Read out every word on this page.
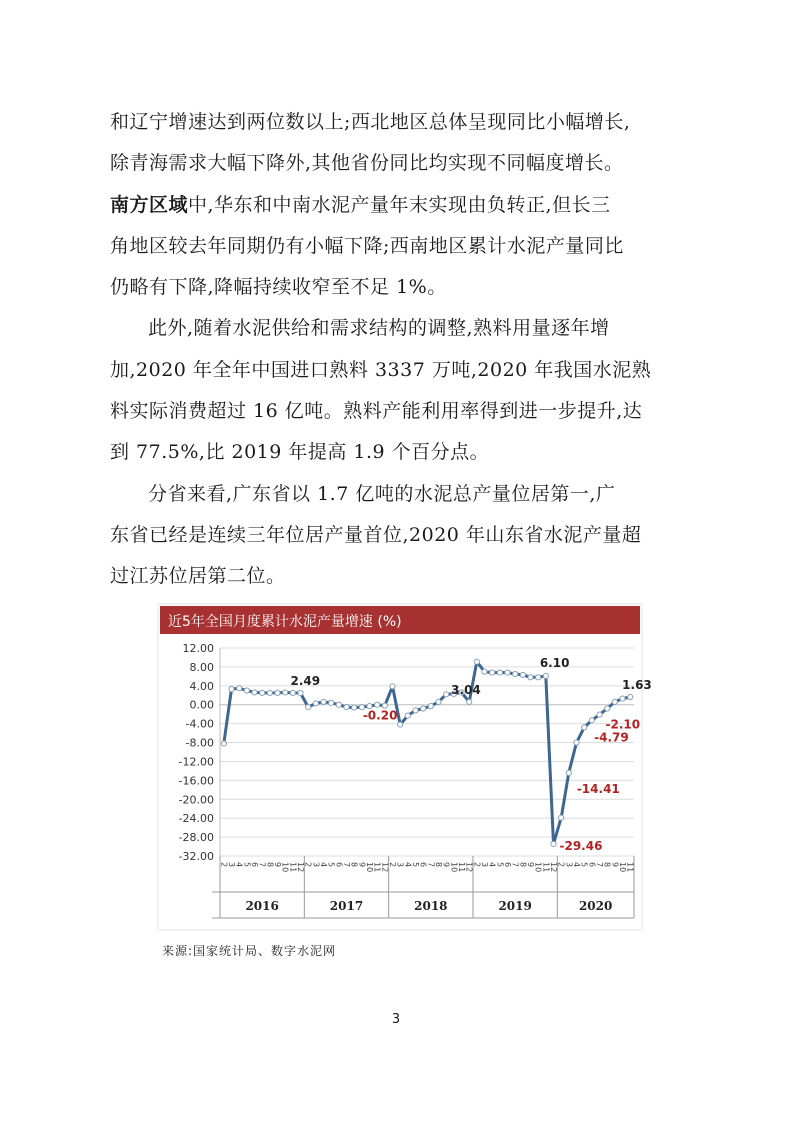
和辽宁增速达到两位数以上;西北地区总体呈现同比小幅增长,
除青海需求大幅下降外,其他省份同比均实现不同幅度增长。
南方区域中,华东和中南水泥产量年末实现由负转正,但长三
角地区较去年同期仍有小幅下降;西南地区累计水泥产量同比
仍略有下降,降幅持续收窄至不足 1%。
此外,随着水泥供给和需求结构的调整,熟料用量逐年增
加,2020 年全年中国进口熟料 3337 万吨,2020 年我国水泥熟
料实际消费超过 16 亿吨。熟料产能利用率得到进一步提升,达
到 77.5%,比 2019 年提高 1.9 个百分点。
分省来看,广东省以 1.7 亿吨的水泥总产量位居第一,广
东省已经是连续三年位居产量首位,2020 年山东省水泥产量超
过江苏位居第二位。
近5年全国月度累计水泥产量增速 (%)
12.00
8.00
4.00
0.00
-4.00
-8.00
-12.00
-16.00
-20.00
-24.00
-28.00
-32.00
2
3
4
5
6
7
8
9
10
11
12
2
3
4
5
6
7
8
9
10
11
12
2
3
4
5
6
7
8
9
10
11
12
2
3
4
5
6
7
8
9
10
11
12
2
3
4
5
6
7
8
9
10
11
2016	2017	2018	2019	2020
2.49
-0.20
3.04
6.10
-29.46
-14.41
-4.79
-2.10
1.63
来源:国家统计局、数字水泥网
3
